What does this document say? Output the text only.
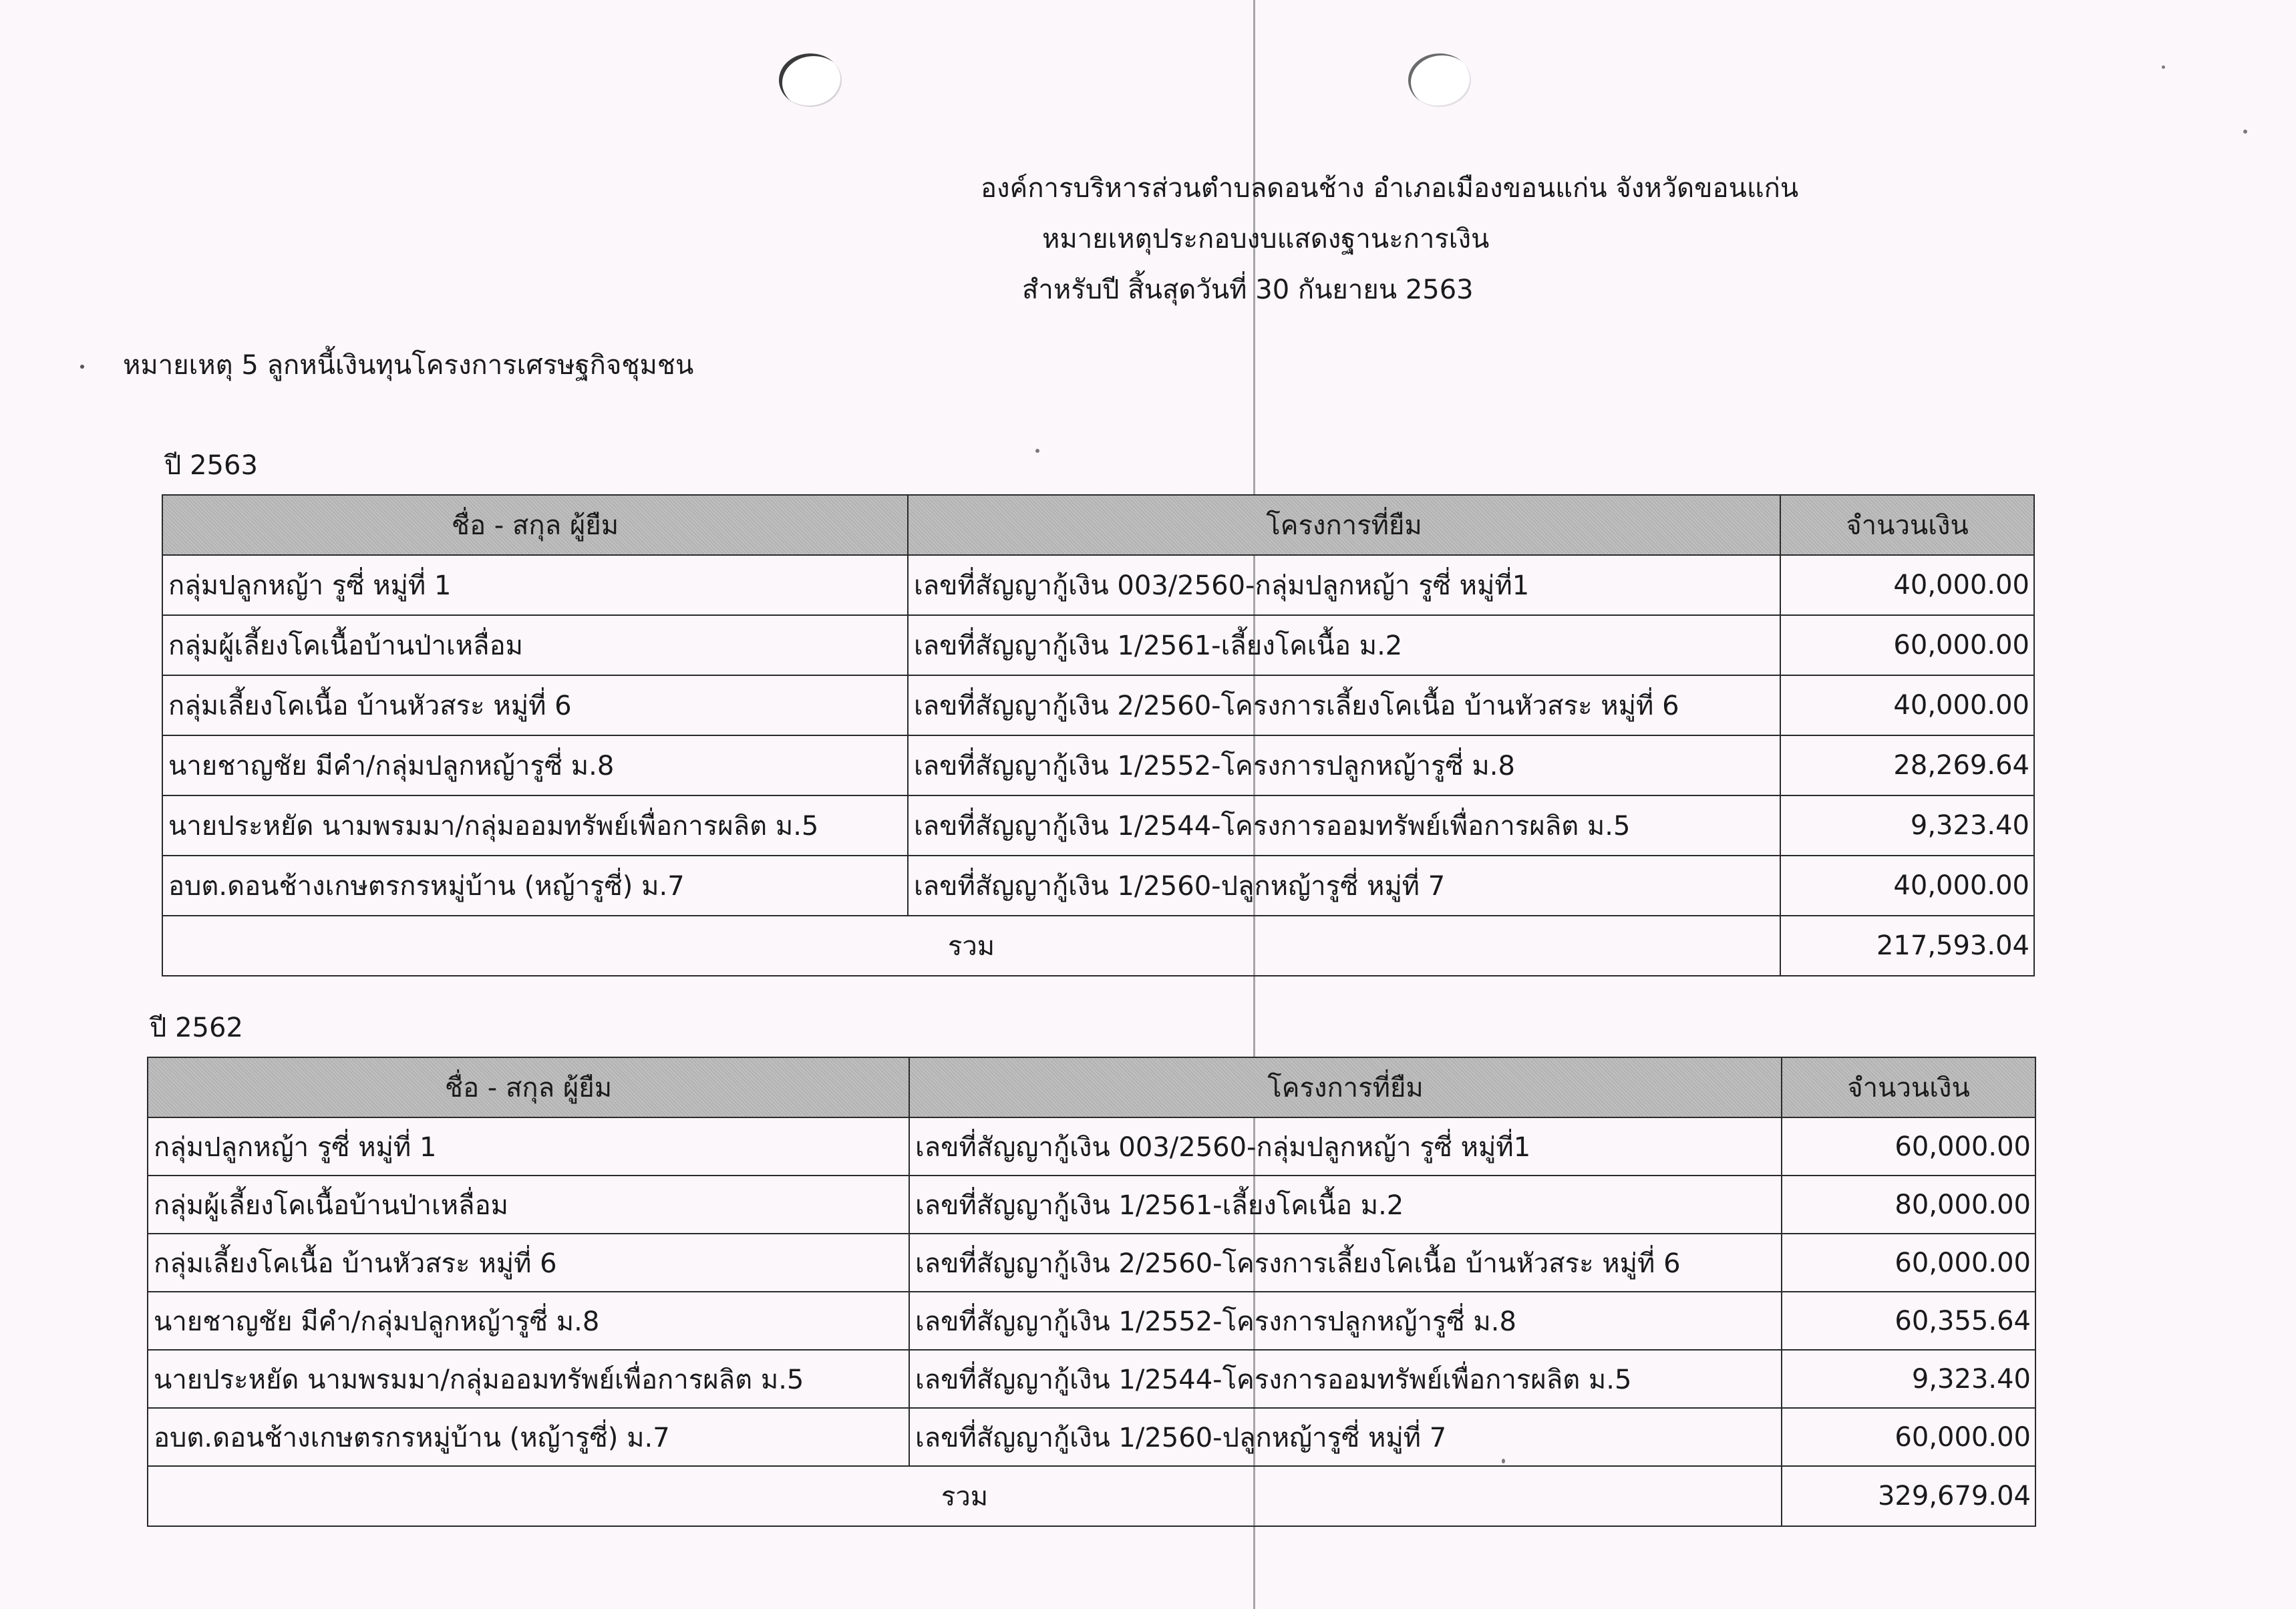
องค์การบริหารส่วนตำบลดอนช้าง อำเภอเมืองขอนแก่น จังหวัดขอนแก่น
หมายเหตุประกอบงบแสดงฐานะการเงิน
สำหรับปี สิ้นสุดวันที่ 30 กันยายน 2563
หมายเหตุ 5 ลูกหนี้เงินทุนโครงการเศรษฐกิจชุมชน
ปี 2563
ชื่อ - สกุล ผู้ยืม	โครงการที่ยืม	จำนวนเงิน
กลุ่มปลูกหญ้า รูซี่ หมู่ที่ 1	เลขที่สัญญากู้เงิน 003/2560-กลุ่มปลูกหญ้า รูซี่ หมู่ที่1	40,000.00
กลุ่มผู้เลี้ยงโคเนื้อบ้านป่าเหลื่อม	เลขที่สัญญากู้เงิน 1/2561-เลี้ยงโคเนื้อ ม.2	60,000.00
กลุ่มเลี้ยงโคเนื้อ บ้านหัวสระ หมู่ที่ 6	เลขที่สัญญากู้เงิน 2/2560-โครงการเลี้ยงโคเนื้อ บ้านหัวสระ หมู่ที่ 6	40,000.00
นายชาญชัย มีคำ/กลุ่มปลูกหญ้ารูซี่ ม.8	เลขที่สัญญากู้เงิน 1/2552-โครงการปลูกหญ้ารูซี่ ม.8	28,269.64
นายประหยัด นามพรมมา/กลุ่มออมทรัพย์เพื่อการผลิต ม.5	เลขที่สัญญากู้เงิน 1/2544-โครงการออมทรัพย์เพื่อการผลิต ม.5	9,323.40
อบต.ดอนช้างเกษตรกรหมู่บ้าน (หญ้ารูซี่) ม.7	เลขที่สัญญากู้เงิน 1/2560-ปลูกหญ้ารูซี่ หมู่ที่ 7	40,000.00
รวม		217,593.04
ปี 2562
ชื่อ - สกุล ผู้ยืม	โครงการที่ยืม	จำนวนเงิน
กลุ่มปลูกหญ้า รูซี่ หมู่ที่ 1	เลขที่สัญญากู้เงิน 003/2560-กลุ่มปลูกหญ้า รูซี่ หมู่ที่1	60,000.00
กลุ่มผู้เลี้ยงโคเนื้อบ้านป่าเหลื่อม	เลขที่สัญญากู้เงิน 1/2561-เลี้ยงโคเนื้อ ม.2	80,000.00
กลุ่มเลี้ยงโคเนื้อ บ้านหัวสระ หมู่ที่ 6	เลขที่สัญญากู้เงิน 2/2560-โครงการเลี้ยงโคเนื้อ บ้านหัวสระ หมู่ที่ 6	60,000.00
นายชาญชัย มีคำ/กลุ่มปลูกหญ้ารูซี่ ม.8	เลขที่สัญญากู้เงิน 1/2552-โครงการปลูกหญ้ารูซี่ ม.8	60,355.64
นายประหยัด นามพรมมา/กลุ่มออมทรัพย์เพื่อการผลิต ม.5	เลขที่สัญญากู้เงิน 1/2544-โครงการออมทรัพย์เพื่อการผลิต ม.5	9,323.40
อบต.ดอนช้างเกษตรกรหมู่บ้าน (หญ้ารูซี่) ม.7	เลขที่สัญญากู้เงิน 1/2560-ปลูกหญ้ารูซี่ หมู่ที่ 7	60,000.00
รวม		329,679.04
